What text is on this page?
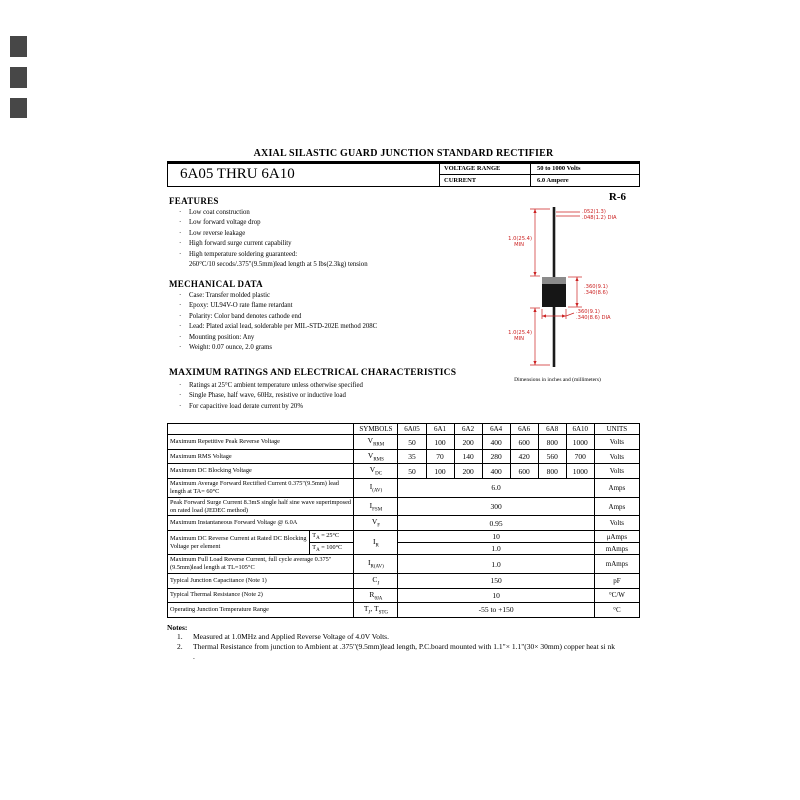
AXIAL SILASTIC GUARD JUNCTION STANDARD RECTIFIER
6A05 THRU 6A10	VOLTAGE RANGE	50 to 1000 Volts
CURRENT	6.0 Ampere
FEATURES
· Low coat construction
· Low forward voltage drop
· Low reverse leakage
· High forward surge current capability
· High temperature soldering guaranteed:
260°C/10 secods/.375"(9.5mm)lead length at 5 lbs(2.3kg) tension
MECHANICAL DATA
· Case: Transfer molded plastic
· Epoxy: UL94V-O rate flame retardant
· Polarity: Color band denotes cathode end
· Lead: Plated axial lead, solderable per MIL-STD-202E method 208C
· Mounting position: Any
· Weight: 0.07 ounce, 2.0 grams
MAXIMUM RATINGS AND ELECTRICAL CHARACTERISTICS
· Ratings at 25°C ambient temperature unless otherwise specified
· Single Phase, half wave, 60Hz, resistive or inductive load
· For capacitive load derate current by 20%
R-6
.052(1.3)
.048(1.2) DIA
1.0(25.4)
MIN
.360(9.1)
.340(8.6)
.360(9.1)
.340(8.6) DIA
1.0(25.4)
MIN
Dimensions in inches and (millimeters)
		SYMBOLS	6A05	6A1	6A2	6A4	6A6	6A8	6A10	UNITS
Maximum Repetitive Peak Reverse Voltage		$V_{RRM}$	50	100	200	400	600	800	1000	Volts
Maximum RMS Voltage		$V_{RMS}$	35	70	140	280	420	560	700	Volts
Maximum DC Blocking Voltage		$V_{DC}$	50	100	200	400	600	800	1000	Volts
Maximum Average Forward Rectified Current 0.375"(9.5mm) lead length at TA= 60°C		$I_{(AV)}$	6.0							Amps
Peak Forward Surge Current 8.3mS single half sine wave superimposed on rated load (JEDEC method)		$I_{FSM}$	300							Amps
Maximum Instantaneous Forward Voltage @ 6.0A		$V_F$	0.95							Volts
Maximum DC Reverse Current at Rated DC Blocking Voltage per element	$T_A = 25^\circ C$	$I_R$	10							μAmps
	$T_A = 100^\circ C$		1.0							mAmps
Maximum Full Load Reverse Current, full cycle average 0.375"(9.5mm)lead length at TL=105°C		$I_{R(AV)}$	1.0							mAmps
Typical Junction Capacitance (Note 1)		$C_J$	150							pF
Typical Thermal Resistance (Note 2)		$R_{\theta JA}$	10							°C/W
Operating Junction Temperature Range		$T_J$, $T_{STG}$	-55 to +150							°C
Notes:
1.	Measured at 1.0MHz and Applied Reverse Voltage of 4.0V Volts.
2.	Thermal Resistance from junction to Ambient at .375"(9.5mm)lead length, P.C.board mounted with 1.1"× 1.1"(30× 30mm) copper heat si nk .
